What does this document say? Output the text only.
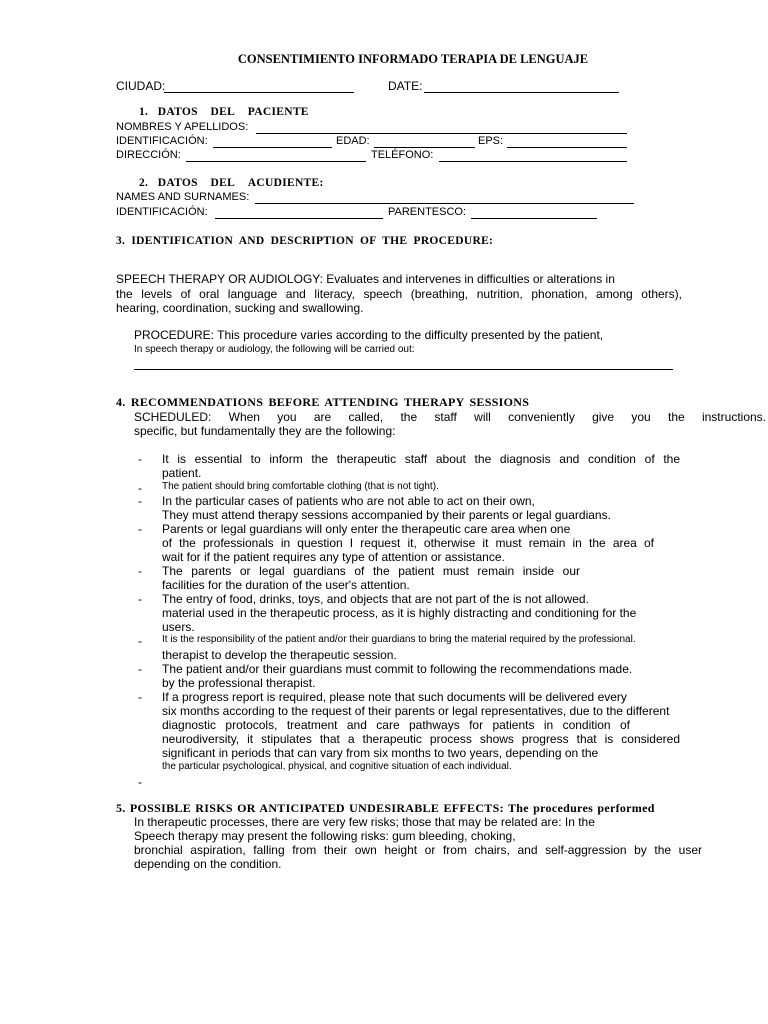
CONSENTIMIENTO INFORMADO TERAPIA DE LENGUAJE
CIUDAD:	DATE:
1. DATOS DEL PACIENTE
NOMBRES Y APELLIDOS:
IDENTIFICACIÓN:	EDAD:	EPS:
DIRECCIÓN:	TELÉFONO:
2. DATOS DEL ACUDIENTE:
NAMES AND SURNAMES:
IDENTIFICACIÓN:	PARENTESCO:
3. IDENTIFICATION AND DESCRIPTION OF THE PROCEDURE:
SPEECH THERAPY OR AUDIOLOGY: Evaluates and intervenes in difficulties or alterations in
the levels of oral language and literacy, speech (breathing, nutrition, phonation, among others),
hearing, coordination, sucking and swallowing.
PROCEDURE: This procedure varies according to the difficulty presented by the patient,
In speech therapy or audiology, the following will be carried out:
4. RECOMMENDATIONS BEFORE ATTENDING THERAPY SESSIONS
SCHEDULED: When you are called, the staff will conveniently give you the instructions.
specific, but fundamentally they are the following:
- It is essential to inform the therapeutic staff about the diagnosis and condition of the
patient.
- The patient should bring comfortable clothing (that is not tight).
- In the particular cases of patients who are not able to act on their own,
They must attend therapy sessions accompanied by their parents or legal guardians.
- Parents or legal guardians will only enter the therapeutic care area when one
of the professionals in question I request it, otherwise it must remain in the area of
wait for if the patient requires any type of attention or assistance.
- The parents or legal guardians of the patient must remain inside our
facilities for the duration of the user's attention.
- The entry of food, drinks, toys, and objects that are not part of the is not allowed.
material used in the therapeutic process, as it is highly distracting and conditioning for the
users.
- It is the responsibility of the patient and/or their guardians to bring the material required by the professional.
therapist to develop the therapeutic session.
- The patient and/or their guardians must commit to following the recommendations made.
by the professional therapist.
- If a progress report is required, please note that such documents will be delivered every
six months according to the request of their parents or legal representatives, due to the different
diagnostic protocols, treatment and care pathways for patients in condition of
neurodiversity, it stipulates that a therapeutic process shows progress that is considered
significant in periods that can vary from six months to two years, depending on the
the particular psychological, physical, and cognitive situation of each individual.
-
5. POSSIBLE RISKS OR ANTICIPATED UNDESIRABLE EFFECTS: The procedures performed
In therapeutic processes, there are very few risks; those that may be related are: In the
Speech therapy may present the following risks: gum bleeding, choking,
bronchial aspiration, falling from their own height or from chairs, and self-aggression by the user
depending on the condition.
